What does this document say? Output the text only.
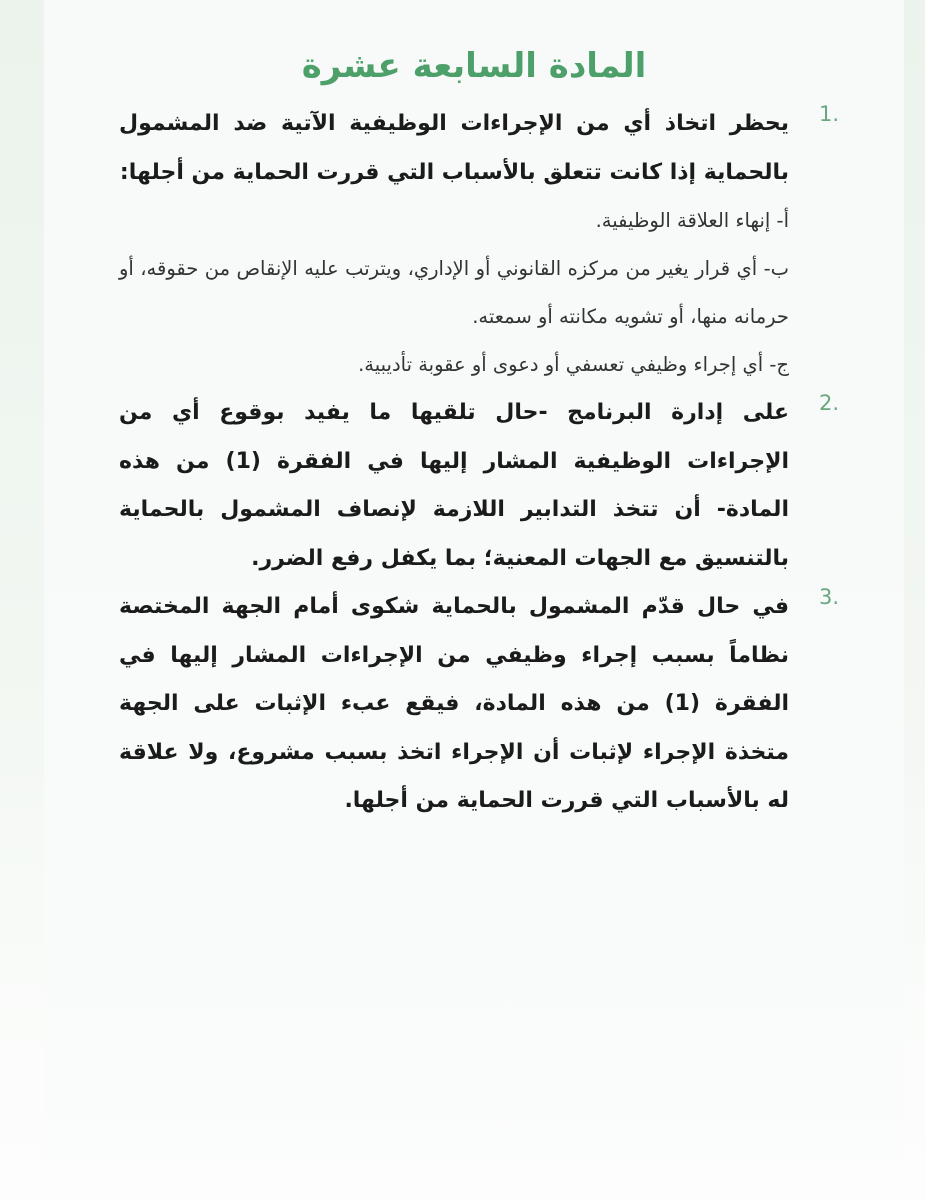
المادة السابعة عشرة
1.

يحظر اتخاذ أي من الإجراءات الوظيفية الآتية ضد المشمول بالحماية إذا كانت تتعلق بالأسباب التي قررت الحماية من أجلها:

أ- إنهاء العلاقة الوظيفية.

ب- أي قرار يغير من مركزه القانوني أو الإداري، ويترتب عليه الإنقاص من حقوقه، أو حرمانه منها، أو تشويه مكانته أو سمعته.

ج- أي إجراء وظيفي تعسفي أو دعوى أو عقوبة تأديبية.

2.

على إدارة البرنامج -حال تلقيها ما يفيد بوقوع أي من الإجراءات الوظيفية المشار إليها في الفقرة (1) من هذه المادة- أن تتخذ التدابير اللازمة لإنصاف المشمول بالحماية بالتنسيق مع الجهات المعنية؛ بما يكفل رفع الضرر.

3.

في حال قدّم المشمول بالحماية شكوى أمام الجهة المختصة نظاماً بسبب إجراء وظيفي من الإجراءات المشار إليها في الفقرة (1) من هذه المادة، فيقع عبء الإثبات على الجهة متخذة الإجراء لإثبات أن الإجراء اتخذ بسبب مشروع، ولا علاقة له بالأسباب التي قررت الحماية من أجلها.
